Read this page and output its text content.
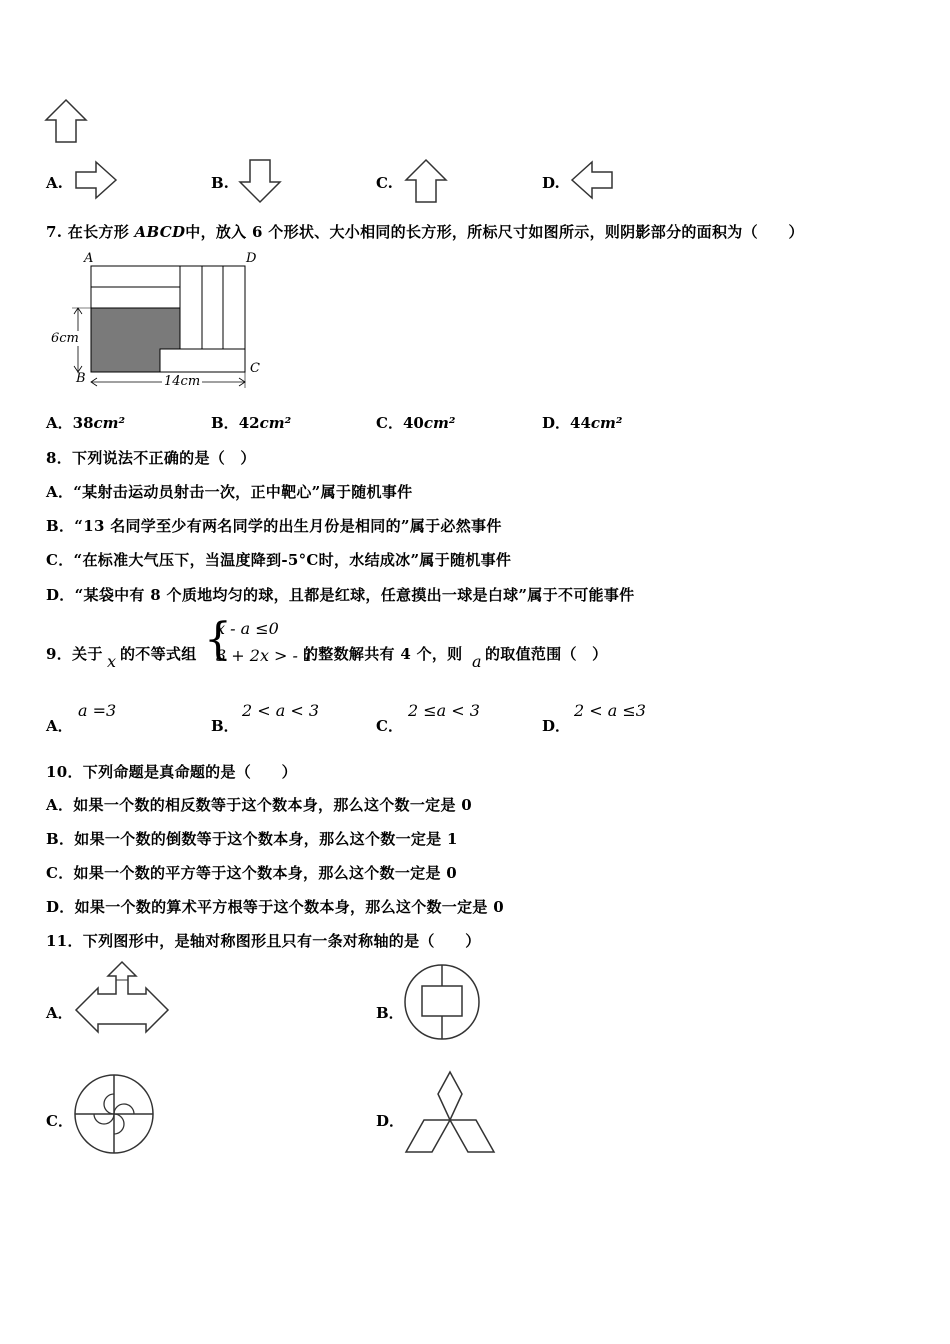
A.	B.	C.	D.
7. 在长方形 ABCD中，放入 6 个形状、大小相同的长方形，所标尺寸如图所示，则阴影部分的面积为（　　）
A	D
B
C
6cm
14cm
A．38cm²	B．42cm²	C．40cm²	D．44cm²
8．下列说法不正确的是（　）
A．“某射击运动员射击一次，正中靶心”属于随机事件
B．“13 名同学至少有两名同学的出生月份是相同的”属于必然事件
C．“在标准大气压下，当温度降到-5°C时，水结成冰”属于随机事件
D．“某袋中有 8 个质地均匀的球，且都是红球，任意摸出一球是白球”属于不可能事件
9．关于 x 的不等式组 {
x - a ≤0
3 + 2x > - 1
的整数解共有 4 个，则 a 的取值范围（　）
A．
a =3
B．
2 < a < 3
C．
2 ≤a < 3
D．
2 < a ≤3
10．下列命题是真命题的是（　　）
A．如果一个数的相反数等于这个数本身，那么这个数一定是 0
B．如果一个数的倒数等于这个数本身，那么这个数一定是 1
C．如果一个数的平方等于这个数本身，那么这个数一定是 0
D．如果一个数的算术平方根等于这个数本身，那么这个数一定是 0
11．下列图形中，是轴对称图形且只有一条对称轴的是（　　）
A．	B．
C．	D．
